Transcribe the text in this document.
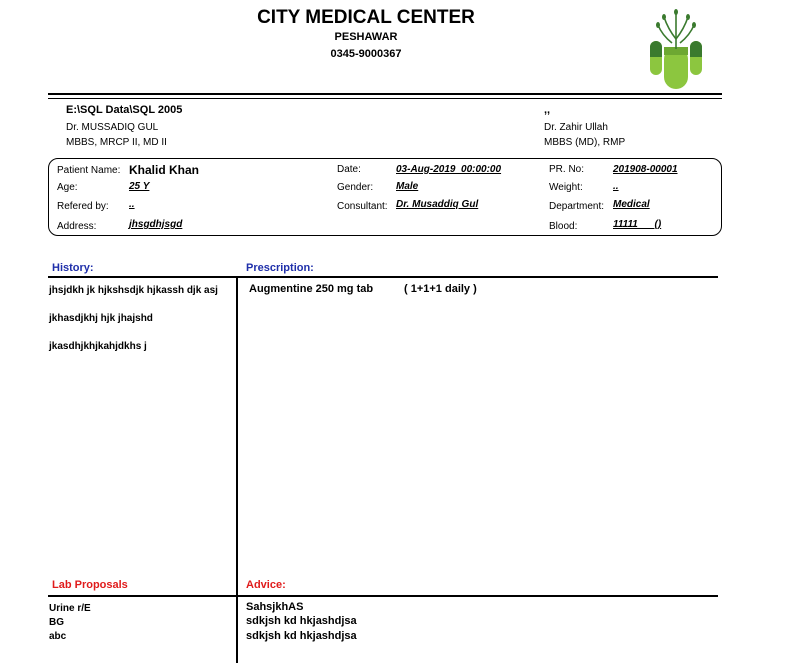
CITY MEDICAL CENTER
PESHAWAR
0345-9000367
E:\SQL Data\SQL 2005
Dr. MUSSADIQ GUL
MBBS, MRCP II, MD II
,,
Dr. Zahir Ullah
MBBS (MD), RMP
Patient Name: Khalid Khan
Age:	25 Y
Refered by: ..
Address:	jhsgdhjsgd
Date:	03-Aug-2019  00:00:00
Gender: Male
Consultant: Dr. Musaddiq Gul
PR. No:	201908-00001
Weight:	..
Department: Medical
Blood:	11111      ()
History:	Prescription:
jhsjdkh jk hjkshsdjk hjkassh djk asj
jkhasdjkhj hjk jhajshd
jkasdhjkhjkahjdkhs j
Augmentine 250 mg tab	( 1+1+1 daily )
Lab Proposals	Advice:
Urine r/E
BG
abc
SahsjkhAS
sdkjsh kd hkjashdjsa
sdkjsh kd hkjashdjsa
